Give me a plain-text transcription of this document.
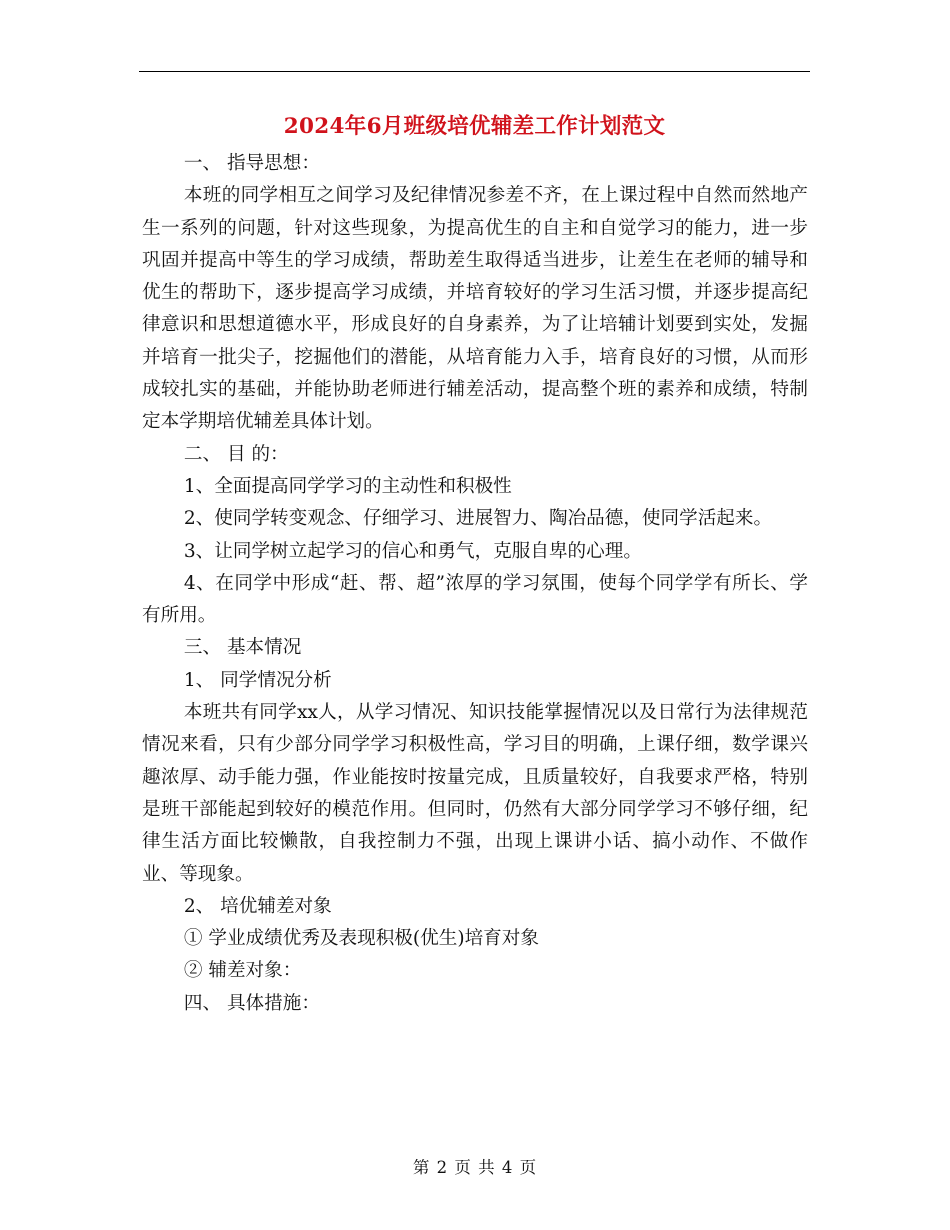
2024年6月班级培优辅差工作计划范文

一、 指导思想：

本班的同学相互之间学习及纪律情况参差不齐，在上课过程中自然而然地产生一系列的问题，针对这些现象，为提高优生的自主和自觉学习的能力，进一步巩固并提高中等生的学习成绩，帮助差生取得适当进步，让差生在老师的辅导和优生的帮助下，逐步提高学习成绩，并培育较好的学习生活习惯，并逐步提高纪律意识和思想道德水平，形成良好的自身素养，为了让培辅计划要到实处，发掘并培育一批尖子，挖掘他们的潜能，从培育能力入手，培育良好的习惯，从而形成较扎实的基础，并能协助老师进行辅差活动，提高整个班的素养和成绩，特制定本学期培优辅差具体计划。

二、 目 的：

1、全面提高同学学习的主动性和积极性

2、使同学转变观念、仔细学习、进展智力、陶冶品德，使同学活起来。

3、让同学树立起学习的信心和勇气，克服自卑的心理。

4、在同学中形成“赶、帮、超”浓厚的学习氛围，使每个同学学有所长、学有所用。

三、 基本情况

1、 同学情况分析

本班共有同学xx人，从学习情况、知识技能掌握情况以及日常行为法律规范情况来看，只有少部分同学学习积极性高，学习目的明确，上课仔细，数学课兴趣浓厚、动手能力强，作业能按时按量完成，且质量较好，自我要求严格，特别是班干部能起到较好的模范作用。但同时，仍然有大部分同学学习不够仔细，纪律生活方面比较懒散，自我控制力不强，出现上课讲小话、搞小动作、不做作业、等现象。

2、 培优辅差对象

① 学业成绩优秀及表现积极(优生)培育对象

② 辅差对象：

四、 具体措施：

第 2 页 共 4 页
